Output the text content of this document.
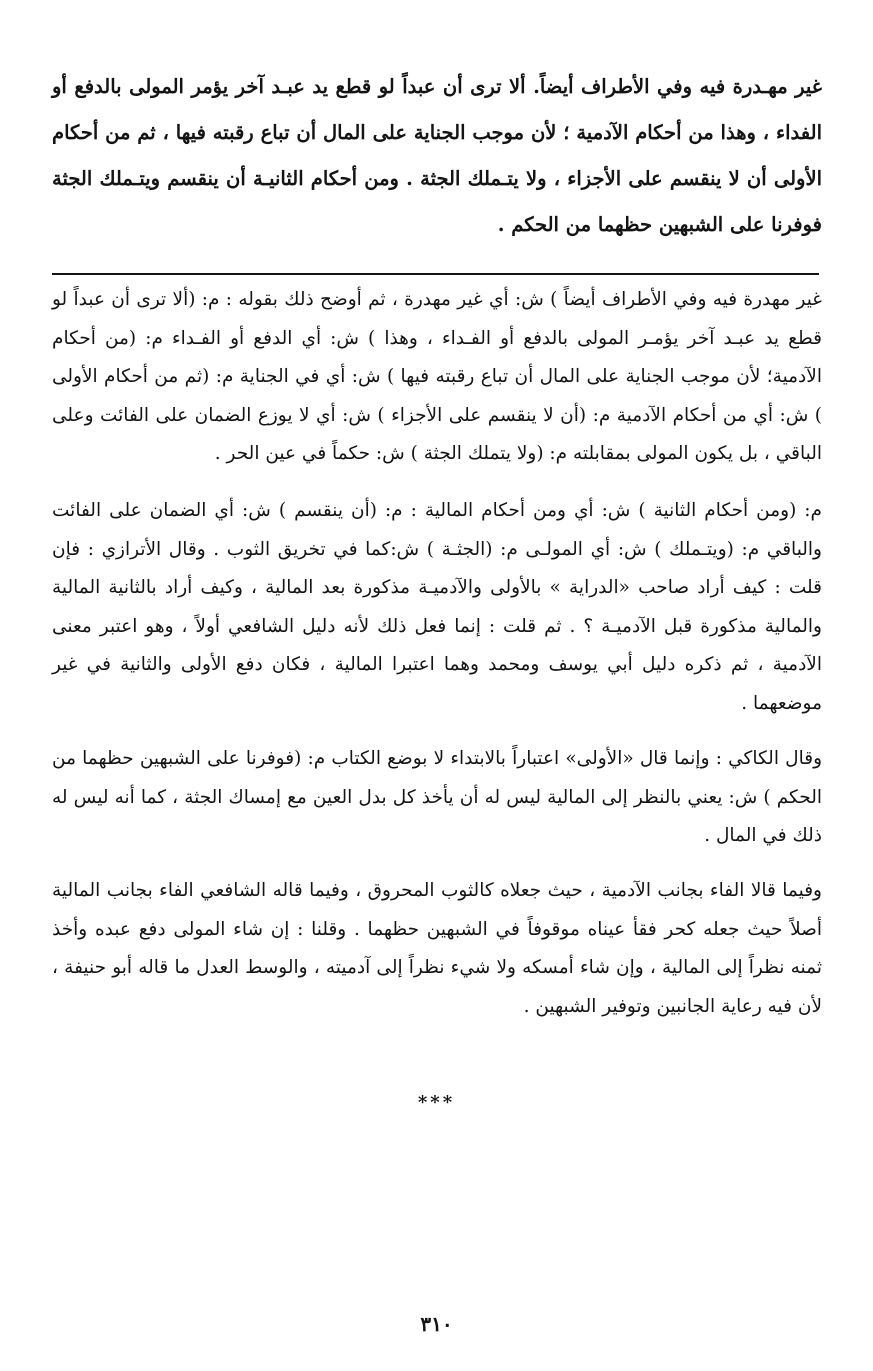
غير مهـدرة فيه وفي الأطراف أيضاً. ألا ترى أن عبداً لو قطع يد عبـد آخر يؤمر المولى بالدفع أو الفداء ، وهذا من أحكام الآدمية ؛ لأن موجب الجناية على المال أن تباع رقبته فيها ، ثم من أحكام الأولى أن لا ينقسم على الأجزاء ، ولا يتـملك الجثة . ومن أحكام الثانيـة أن ينقسم ويتـملك الجثة فوفرنا على الشبهين حظهما من الحكم .

غير مهدرة فيه وفي الأطراف أيضاً ) ش: أي غير مهدرة ، ثم أوضح ذلك بقوله : م: (ألا ترى أن عبداً لو قطع يد عبـد آخر يؤمـر المولى بالدفع أو الفـداء ، وهذا ) ش: أي الدفع أو الفـداء م: (من أحكام الآدمية؛ لأن موجب الجناية على المال أن تباع رقبته فيها ) ش: أي في الجناية م: (ثم من أحكام الأولى ) ش: أي من أحكام الآدمية م: (أن لا ينقسم على الأجزاء ) ش: أي لا يوزع الضمان على الفائت وعلى الباقي ، بل يكون المولى بمقابلته م: (ولا يتملك الجثة ) ش: حكماً في عين الحر .

م: (ومن أحكام الثانية ) ش: أي ومن أحكام المالية : م: (أن ينقسم ) ش: أي الضمان على الفائت والباقي م: (ويتـملك ) ش: أي المولـى م: (الجثـة ) ش:كما في تخريق الثوب . وقال الأترازي : فإن قلت : كيف أراد صاحب «الدراية » بالأولى والآدميـة مذكورة بعد المالية ، وكيف أراد بالثانية المالية والمالية مذكورة قبل الآدميـة ؟ . ثم قلت : إنما فعل ذلك لأنه دليل الشافعي أولاً ، وهو اعتبر معنى الآدمية ، ثم ذكره دليل أبي يوسف ومحمد وهما اعتبرا المالية ، فكان دفع الأولى والثانية في غير موضعهما .

وقال الكاكي : وإنما قال «الأولى» اعتباراً بالابتداء لا بوضع الكتاب م: (فوفرنا على الشبهين حظهما من الحكم ) ش: يعني بالنظر إلى المالية ليس له أن يأخذ كل بدل العين مع إمساك الجثة ، كما أنه ليس له ذلك في المال .

وفيما قالا الفاء بجانب الآدمية ، حيث جعلاه كالثوب المحروق ، وفيما قاله الشافعي الفاء بجانب المالية أصلاً حيث جعله كحر فقأ عيناه موقوفاً في الشبهين حظهما . وقلنا : إن شاء المولى دفع عبده وأخذ ثمنه نظراً إلى المالية ، وإن شاء أمسكه ولا شيء نظراً إلى آدميته ، والوسط العدل ما قاله أبو حنيفة ، لأن فيه رعاية الجانبين وتوفير الشبهين .

***
٣١٠
